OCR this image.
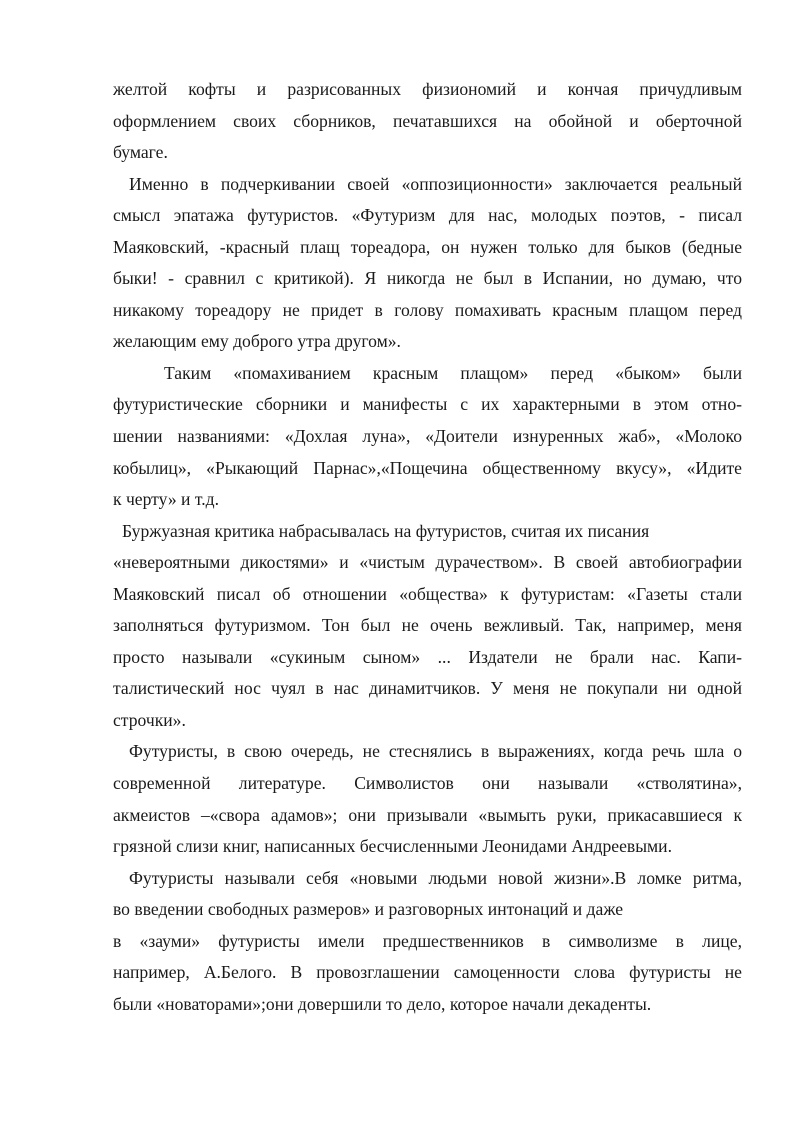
желтой кофты и разрисованных физиономий и кончая причудливым
оформлением своих сборников, печатавшихся на обойной и оберточной
бумаге.
Именно в подчеркивании своей «оппозиционности» заключается реальный
смысл эпатажа футуристов. «Футуризм для нас, молодых поэтов, - писал
Маяковский, -красный плащ тореадора, он нужен только для быков (бедные
быки! - сравнил с критикой). Я никогда не был в Испании, но думаю, что
никакому тореадору не придет в голову помахивать красным плащом перед
желающим ему доброго утра другом».
Таким «помахиванием красным плащом» перед «быком» были
футуристические сборники и манифесты с их характерными в этом отно-
шении названиями: «Дохлая луна», «Доители изнуренных жаб», «Молоко
кобылиц», «Рыкающий Парнас»,«Пощечина общественному вкусу», «Идите
к черту» и т.д.
Буржуазная критика набрасывалась на футуристов, считая их писания
«невероятными дикостями» и «чистым дурачеством». В своей автобиографии
Маяковский писал об отношении «общества» к футуристам: «Газеты стали
заполняться футуризмом. Тон был не очень вежливый. Так, например, меня
просто называли «сукиным сыном» ... Издатели не брали нас. Капи-
талистический нос чуял в нас динамитчиков. У меня не покупали ни одной
строчки».
Футуристы, в свою очередь, не стеснялись в выражениях, когда речь шла о
современной литературе. Символистов они называли «стволятина»,
акмеистов –«свора адамов»; они призывали «вымыть руки, прикасавшиеся к
грязной слизи книг, написанных бесчисленными Леонидами Андреевыми.
Футуристы называли себя «новыми людьми новой жизни».В ломке ритма,
во введении свободных размеров» и разговорных интонаций и даже
в «зауми» футуристы имели предшественников в символизме в лице,
например, А.Белого. В провозглашении самоценности слова футуристы не
были «новаторами»;они довершили то дело, которое начали декаденты.
